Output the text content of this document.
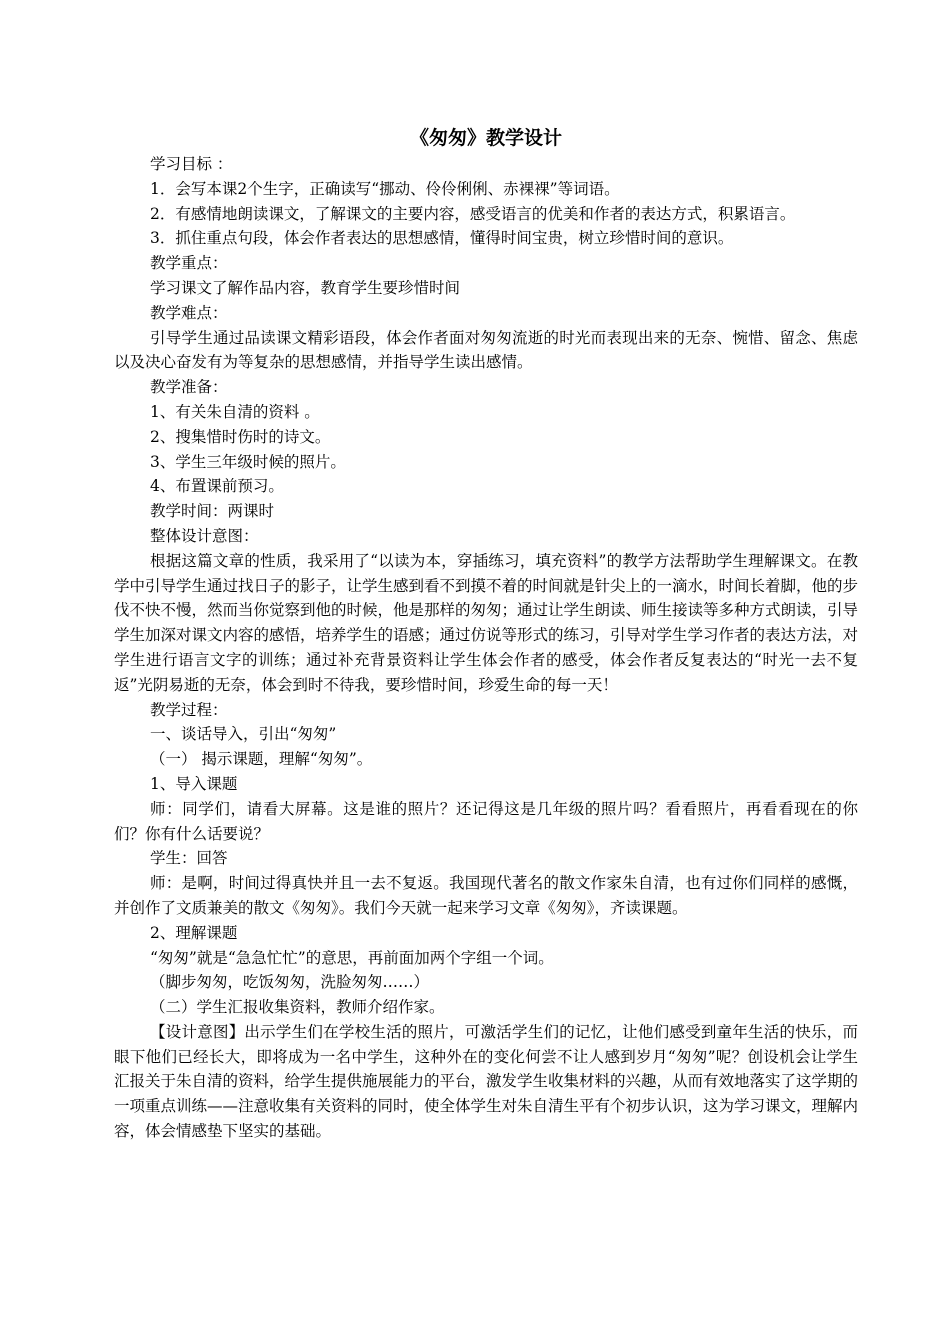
《匆匆》教学设计

学习目标 ：

1．会写本课2个生字，正确读写“挪动、伶伶俐俐、赤裸裸”等词语。

2．有感情地朗读课文，了解课文的主要内容，感受语言的优美和作者的表达方式，积累语言。

3．抓住重点句段，体会作者表达的思想感情，懂得时间宝贵，树立珍惜时间的意识。

教学重点：

学习课文了解作品内容，教育学生要珍惜时间

教学难点：

引导学生通过品读课文精彩语段，体会作者面对匆匆流逝的时光而表现出来的无奈、惋惜、留念、焦虑以及决心奋发有为等复杂的思想感情，并指导学生读出感情。

教学准备：

1、有关朱自清的资料 。

2、搜集惜时伤时的诗文。

3、学生三年级时候的照片。

4、布置课前预习。

教学时间：两课时

整体设计意图：

根据这篇文章的性质，我采用了“以读为本，穿插练习，填充资料”的教学方法帮助学生理解课文。在教学中引导学生通过找日子的影子，让学生感到看不到摸不着的时间就是针尖上的一滴水，时间长着脚，他的步伐不快不慢，然而当你觉察到他的时候，他是那样的匆匆；通过让学生朗读、师生接读等多种方式朗读，引导学生加深对课文内容的感悟，培养学生的语感；通过仿说等形式的练习，引导对学生学习作者的表达方法，对学生进行语言文字的训练；通过补充背景资料让学生体会作者的感受，体会作者反复表达的“时光一去不复返”光阴易逝的无奈，体会到时不待我，要珍惜时间，珍爱生命的每一天！

教学过程：

一、谈话导入，引出“匆匆”

（一） 揭示课题，理解“匆匆”。

1、导入课题

师：同学们，请看大屏幕。这是谁的照片？还记得这是几年级的照片吗？看看照片，再看看现在的你们？你有什么话要说？

学生：回答

师：是啊，时间过得真快并且一去不复返。我国现代著名的散文作家朱自清，也有过你们同样的感慨，并创作了文质兼美的散文《匆匆》。我们今天就一起来学习文章《匆匆》，齐读课题。

2、理解课题

“匆匆”就是“急急忙忙”的意思，再前面加两个字组一个词。

（脚步匆匆，吃饭匆匆，洗脸匆匆……）

（二）学生汇报收集资料，教师介绍作家。

【设计意图】出示学生们在学校生活的照片，可激活学生们的记忆，让他们感受到童年生活的快乐，而眼下他们已经长大，即将成为一名中学生，这种外在的变化何尝不让人感到岁月“匆匆”呢？创设机会让学生汇报关于朱自清的资料，给学生提供施展能力的平台，激发学生收集材料的兴趣，从而有效地落实了这学期的一项重点训练——注意收集有关资料的同时，使全体学生对朱自清生平有个初步认识，这为学习课文，理解内容，体会情感垫下坚实的基础。
